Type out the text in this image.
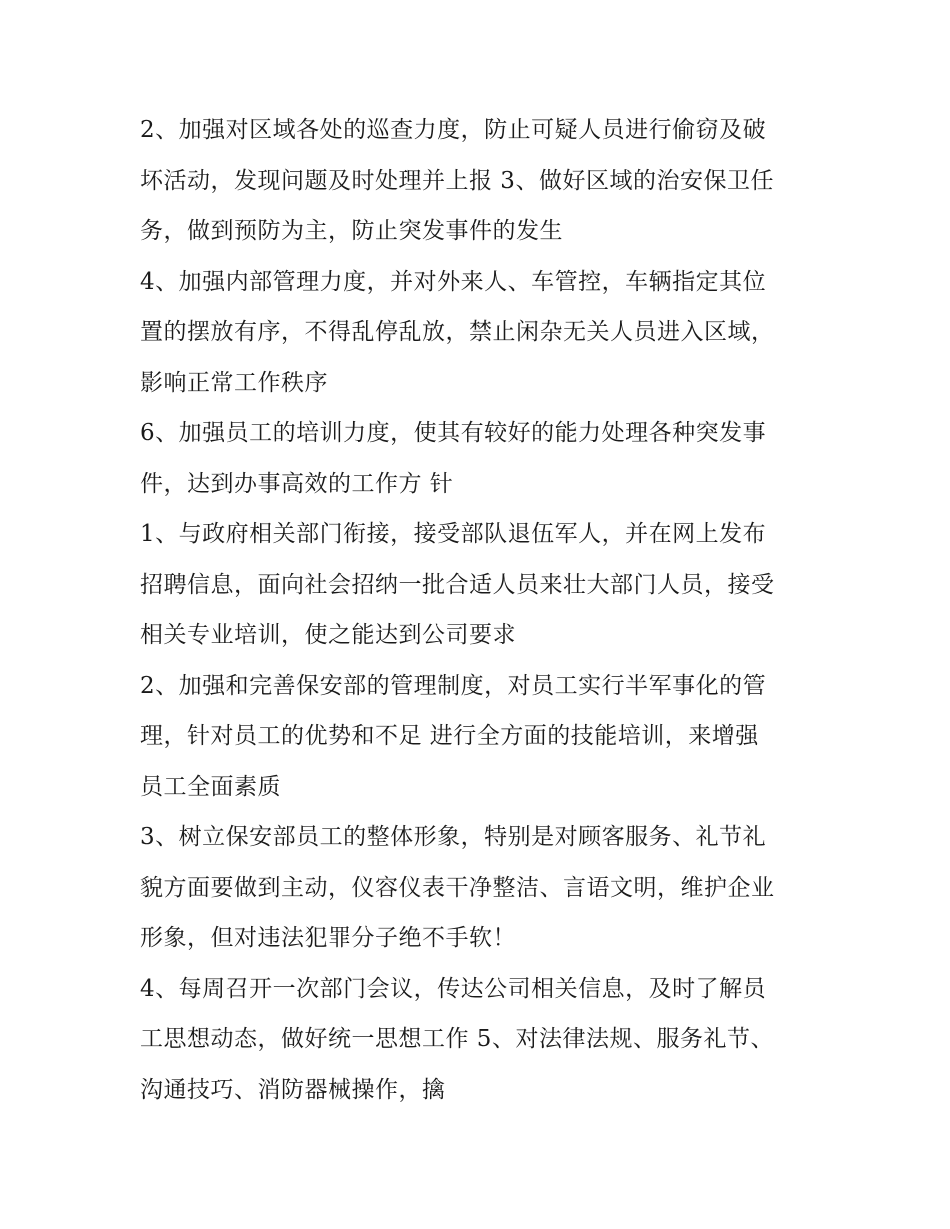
2、加强对区域各处的巡查力度，防止可疑人员进行偷窃及破
坏活动，发现问题及时处理并上报 3、做好区域的治安保卫任
务，做到预防为主，防止突发事件的发生
4、加强内部管理力度，并对外来人、车管控，车辆指定其位
置的摆放有序，不得乱停乱放，禁止闲杂无关人员进入区域，
影响正常工作秩序
6、加强员工的培训力度，使其有较好的能力处理各种突发事
件，达到办事高效的工作方 针
1、与政府相关部门衔接，接受部队退伍军人，并在网上发布
招聘信息，面向社会招纳一批合适人员来壮大部门人员，接受
相关专业培训，使之能达到公司要求
2、加强和完善保安部的管理制度，对员工实行半军事化的管
理，针对员工的优势和不足 进行全方面的技能培训，来增强
员工全面素质
3、树立保安部员工的整体形象，特别是对顾客服务、礼节礼
貌方面要做到主动，仪容仪表干净整洁、言语文明，维护企业
形象，但对违法犯罪分子绝不手软！
4、每周召开一次部门会议，传达公司相关信息，及时了解员
工思想动态，做好统一思想工作 5、对法律法规、服务礼节、
沟通技巧、消防器械操作，擒
